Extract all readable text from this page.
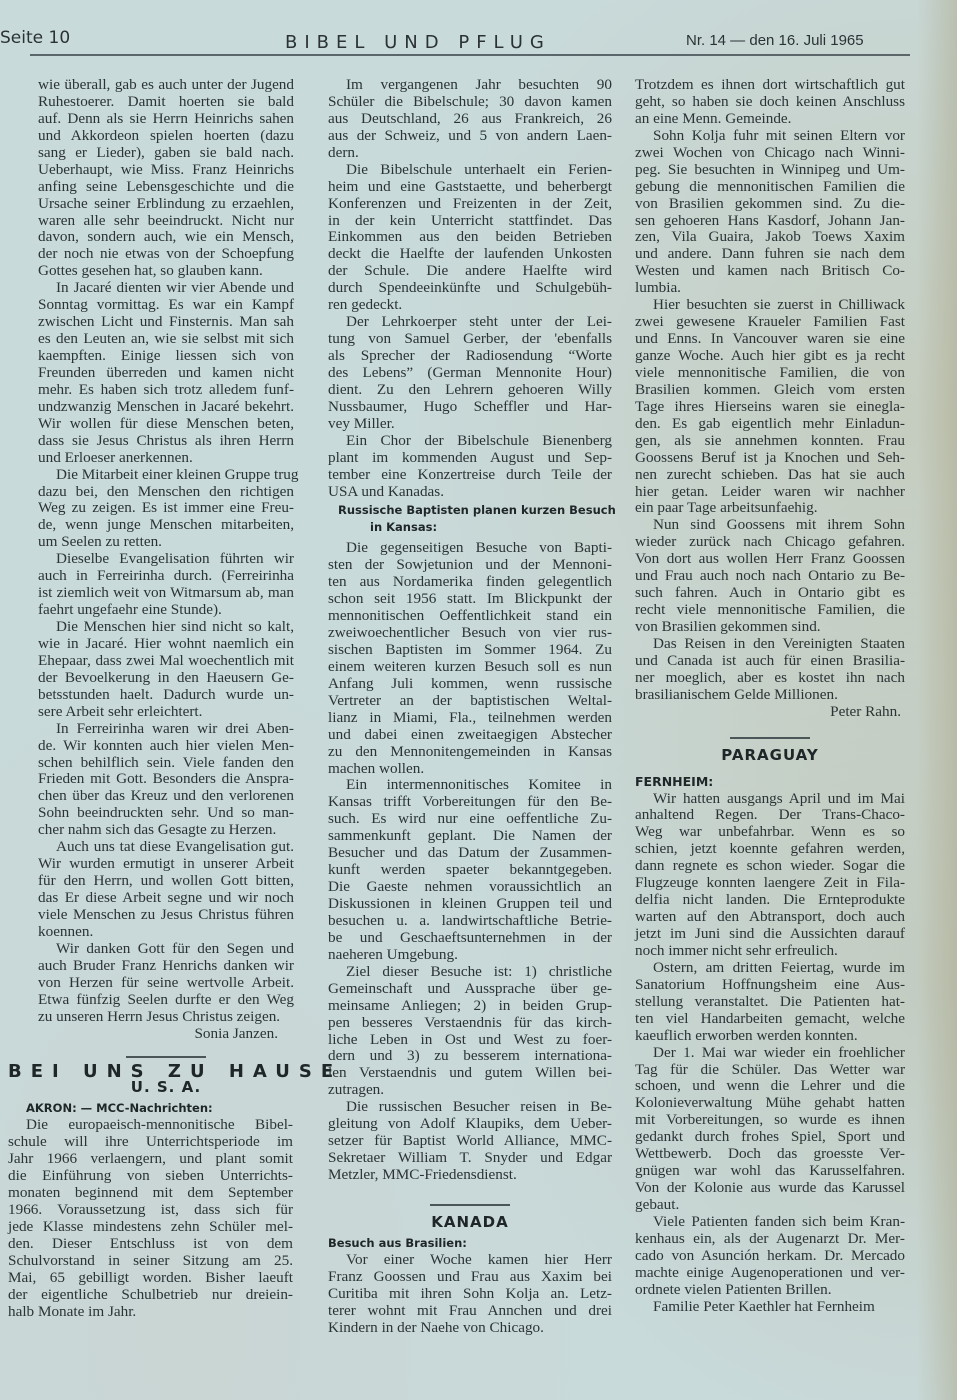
Seite 10	BIBEL UND PFLUG	Nr. 14 — den 16. Juli 1965
wie überall, gab es auch unter der Jugend
Ruhestoerer. Damit hoerten sie bald
auf. Denn als sie Herrn Heinrichs sahen
und Akkordeon spielen hoerten (dazu
sang er Lieder), gaben sie bald nach.
Ueberhaupt, wie Miss. Franz Heinrichs
anfing seine Lebensgeschichte und die
Ursache seiner Erblindung zu erzaehlen,
waren alle sehr beeindruckt. Nicht nur
davon, sondern auch, wie ein Mensch,
der noch nie etwas von der Schoepfung
Gottes gesehen hat, so glauben kann.
In Jacaré dienten wir vier Abende und
Sonntag vormittag. Es war ein Kampf
zwischen Licht und Finsternis. Man sah
es den Leuten an, wie sie selbst mit sich
kaempften. Einige liessen sich von
Freunden überreden und kamen nicht
mehr. Es haben sich trotz alledem funf-
undzwanzig Menschen in Jacaré bekehrt.
Wir wollen für diese Menschen beten,
dass sie Jesus Christus als ihren Herrn
und Erloeser anerkennen.
Die Mitarbeit einer kleinen Gruppe trug
dazu bei, den Menschen den richtigen
Weg zu zeigen. Es ist immer eine Freu-
de, wenn junge Menschen mitarbeiten,
um Seelen zu retten.
Dieselbe Evangelisation führten wir
auch in Ferreirinha durch. (Ferreirinha
ist ziemlich weit von Witmarsum ab, man
faehrt ungefaehr eine Stunde).
Die Menschen hier sind nicht so kalt,
wie in Jacaré. Hier wohnt naemlich ein
Ehepaar, dass zwei Mal woechentlich mit
der Bevoelkerung in den Haeusern Ge-
betsstunden haelt. Dadurch wurde un-
sere Arbeit sehr erleichtert.
In Ferreirinha waren wir drei Aben-
de. Wir konnten auch hier vielen Men-
schen behilflich sein. Viele fanden den
Frieden mit Gott. Besonders die Anspra-
chen über das Kreuz und den verlorenen
Sohn beeindruckten sehr. Und so man-
cher nahm sich das Gesagte zu Herzen.
Auch uns tat diese Evangelisation gut.
Wir wurden ermutigt in unserer Arbeit
für den Herrn, und wollen Gott bitten,
das Er diese Arbeit segne und wir noch
viele Menschen zu Jesus Christus führen
koennen.
Wir danken Gott für den Segen und
auch Bruder Franz Henrichs danken wir
von Herzen für seine wertvolle Arbeit.
Etwa fünfzig Seelen durfte er den Weg
zu unseren Herrn Jesus Christus zeigen.
Sonia Janzen.
BEI UNS ZU HAUSE
U. S. A.
AKRON: — MCC-Nachrichten:
Die europaeisch-mennonitische Bibel-
schule will ihre Unterrichtsperiode im
Jahr 1966 verlaengern, und plant somit
die Einführung von sieben Unterrichts-
monaten beginnend mit dem September
1966. Voraussetzung ist, dass sich für
jede Klasse mindestens zehn Schüler mel-
den. Dieser Entschluss ist von dem
Schulvorstand in seiner Sitzung am 25.
Mai, 65 gebilligt worden. Bisher laeuft
der eigentliche Schulbetrieb nur dreiein-
halb Monate im Jahr.
Im vergangenen Jahr besuchten 90
Schüler die Bibelschule; 30 davon kamen
aus Deutschland, 26 aus Frankreich, 26
aus der Schweiz, und 5 von andern Laen-
dern.
Die Bibelschule unterhaelt ein Ferien-
heim und eine Gaststaette, und beherbergt
Konferenzen und Freizenten in der Zeit,
in der kein Unterricht stattfindet. Das
Einkommen aus den beiden Betrieben
deckt die Haelfte der laufenden Unkosten
der Schule. Die andere Haelfte wird
durch Spendeeinkünfte und Schulgebüh-
ren gedeckt.
Der Lehrkoerper steht unter der Lei-
tung von Samuel Gerber, der 'ebenfalls
als Sprecher der Radiosendung “Worte
des Lebens” (German Mennonite Hour)
dient. Zu den Lehrern gehoeren Willy
Nussbaumer, Hugo Scheffler und Har-
vey Miller.
Ein Chor der Bibelschule Bienenberg
plant im kommenden August und Sep-
tember eine Konzertreise durch Teile der
USA und Kanadas.
Russische Baptisten planen kurzen Besuch
in Kansas:
Die gegenseitigen Besuche von Bapti-
sten der Sowjetunion und der Mennoni-
ten aus Nordamerika finden gelegentlich
schon seit 1956 statt. Im Blickpunkt der
mennonitischen Oeffentlichkeit stand ein
zweiwoechentlicher Besuch von vier rus-
sischen Baptisten im Sommer 1964. Zu
einem weiteren kurzen Besuch soll es nun
Anfang Juli kommen, wenn russische
Vertreter an der baptistischen Weltal-
lianz in Miami, Fla., teilnehmen werden
und dabei einen zweitaegigen Abstecher
zu den Mennonitengemeinden in Kansas
machen wollen.
Ein intermennonitisches Komitee in
Kansas trifft Vorbereitungen für den Be-
such. Es wird nur eine oeffentliche Zu-
sammenkunft geplant. Die Namen der
Besucher und das Datum der Zusammen-
kunft werden spaeter bekanntgegeben.
Die Gaeste nehmen voraussichtlich an
Diskussionen in kleinen Gruppen teil und
besuchen u. a. landwirtschaftliche Betrie-
be und Geschaeftsunternehmen in der
naeheren Umgebung.
Ziel dieser Besuche ist: 1) christliche
Gemeinschaft und Aussprache über ge-
meinsame Anliegen; 2) in beiden Grup-
pen besseres Verstaendnis für das kirch-
liche Leben in Ost und West zu foer-
dern und 3) zu besserem internationa-
len Verstaendnis und gutem Willen bei-
zutragen.
Die russischen Besucher reisen in Be-
gleitung von Adolf Klaupiks, dem Ueber-
setzer für Baptist World Alliance, MMC-
Sekretaer William T. Snyder und Edgar
Metzler, MMC-Friedensdienst.
KANADA
Besuch aus Brasilien:
Vor einer Woche kamen hier Herr
Franz Goossen und Frau aus Xaxim bei
Curitiba mit ihren Sohn Kolja an. Letz-
terer wohnt mit Frau Annchen und drei
Kindern in der Naehe von Chicago.
Trotzdem es ihnen dort wirtschaftlich gut
geht, so haben sie doch keinen Anschluss
an eine Menn. Gemeinde.
Sohn Kolja fuhr mit seinen Eltern vor
zwei Wochen von Chicago nach Winni-
peg. Sie besuchten in Winnipeg und Um-
gebung die mennonitischen Familien die
von Brasilien gekommen sind. Zu die-
sen gehoeren Hans Kasdorf, Johann Jan-
zen, Vila Guaira, Jakob Toews Xaxim
und andere. Dann fuhren sie nach dem
Westen und kamen nach Britisch Co-
lumbia.
Hier besuchten sie zuerst in Chilliwack
zwei gewesene Kraueler Familien Fast
und Enns. In Vancouver waren sie eine
ganze Woche. Auch hier gibt es ja recht
viele mennonitische Familien, die von
Brasilien kommen. Gleich vom ersten
Tage ihres Hierseins waren sie einegla-
den. Es gab eigentlich mehr Einladun-
gen, als sie annehmen konnten. Frau
Goossens Beruf ist ja Knochen und Seh-
nen zurecht schieben. Das hat sie auch
hier getan. Leider waren wir nachher
ein paar Tage arbeitsunfaehig.
Nun sind Goossens mit ihrem Sohn
wieder zurück nach Chicago gefahren.
Von dort aus wollen Herr Franz Goossen
und Frau auch noch nach Ontario zu Be-
such fahren. Auch in Ontario gibt es
recht viele mennonitische Familien, die
von Brasilien gekommen sind.
Das Reisen in den Vereinigten Staaten
und Canada ist auch für einen Brasilia-
ner moeglich, aber es kostet ihn nach
brasilianischem Gelde Millionen.
Peter Rahn.
PARAGUAY
FERNHEIM:
Wir hatten ausgangs April und im Mai
anhaltend Regen. Der Trans-Chaco-
Weg war unbefahrbar. Wenn es so
schien, jetzt koennte gefahren werden,
dann regnete es schon wieder. Sogar die
Flugzeuge konnten laengere Zeit in Fila-
delfia nicht landen. Die Ernteprodukte
warten auf den Abtransport, doch auch
jetzt im Juni sind die Aussichten darauf
noch immer nicht sehr erfreulich.
Ostern, am dritten Feiertag, wurde im
Sanatorium Hoffnungsheim eine Aus-
stellung veranstaltet. Die Patienten hat-
ten viel Handarbeiten gemacht, welche
kaeuflich erworben werden konnten.
Der 1. Mai war wieder ein froehlicher
Tag für die Schüler. Das Wetter war
schoen, und wenn die Lehrer und die
Kolonieverwaltung Mühe gehabt hatten
mit Vorbereitungen, so wurde es ihnen
gedankt durch frohes Spiel, Sport und
Wettbewerb. Doch das groesste Ver-
gnügen war wohl das Karusselfahren.
Von der Kolonie aus wurde das Karussel
gebaut.
Viele Patienten fanden sich beim Kran-
kenhaus ein, als der Augenarzt Dr. Mer-
cado von Asunción herkam. Dr. Mercado
machte einige Augenoperationen und ver-
ordnete vielen Patienten Brillen.
Familie Peter Kaethler hat Fernheim
